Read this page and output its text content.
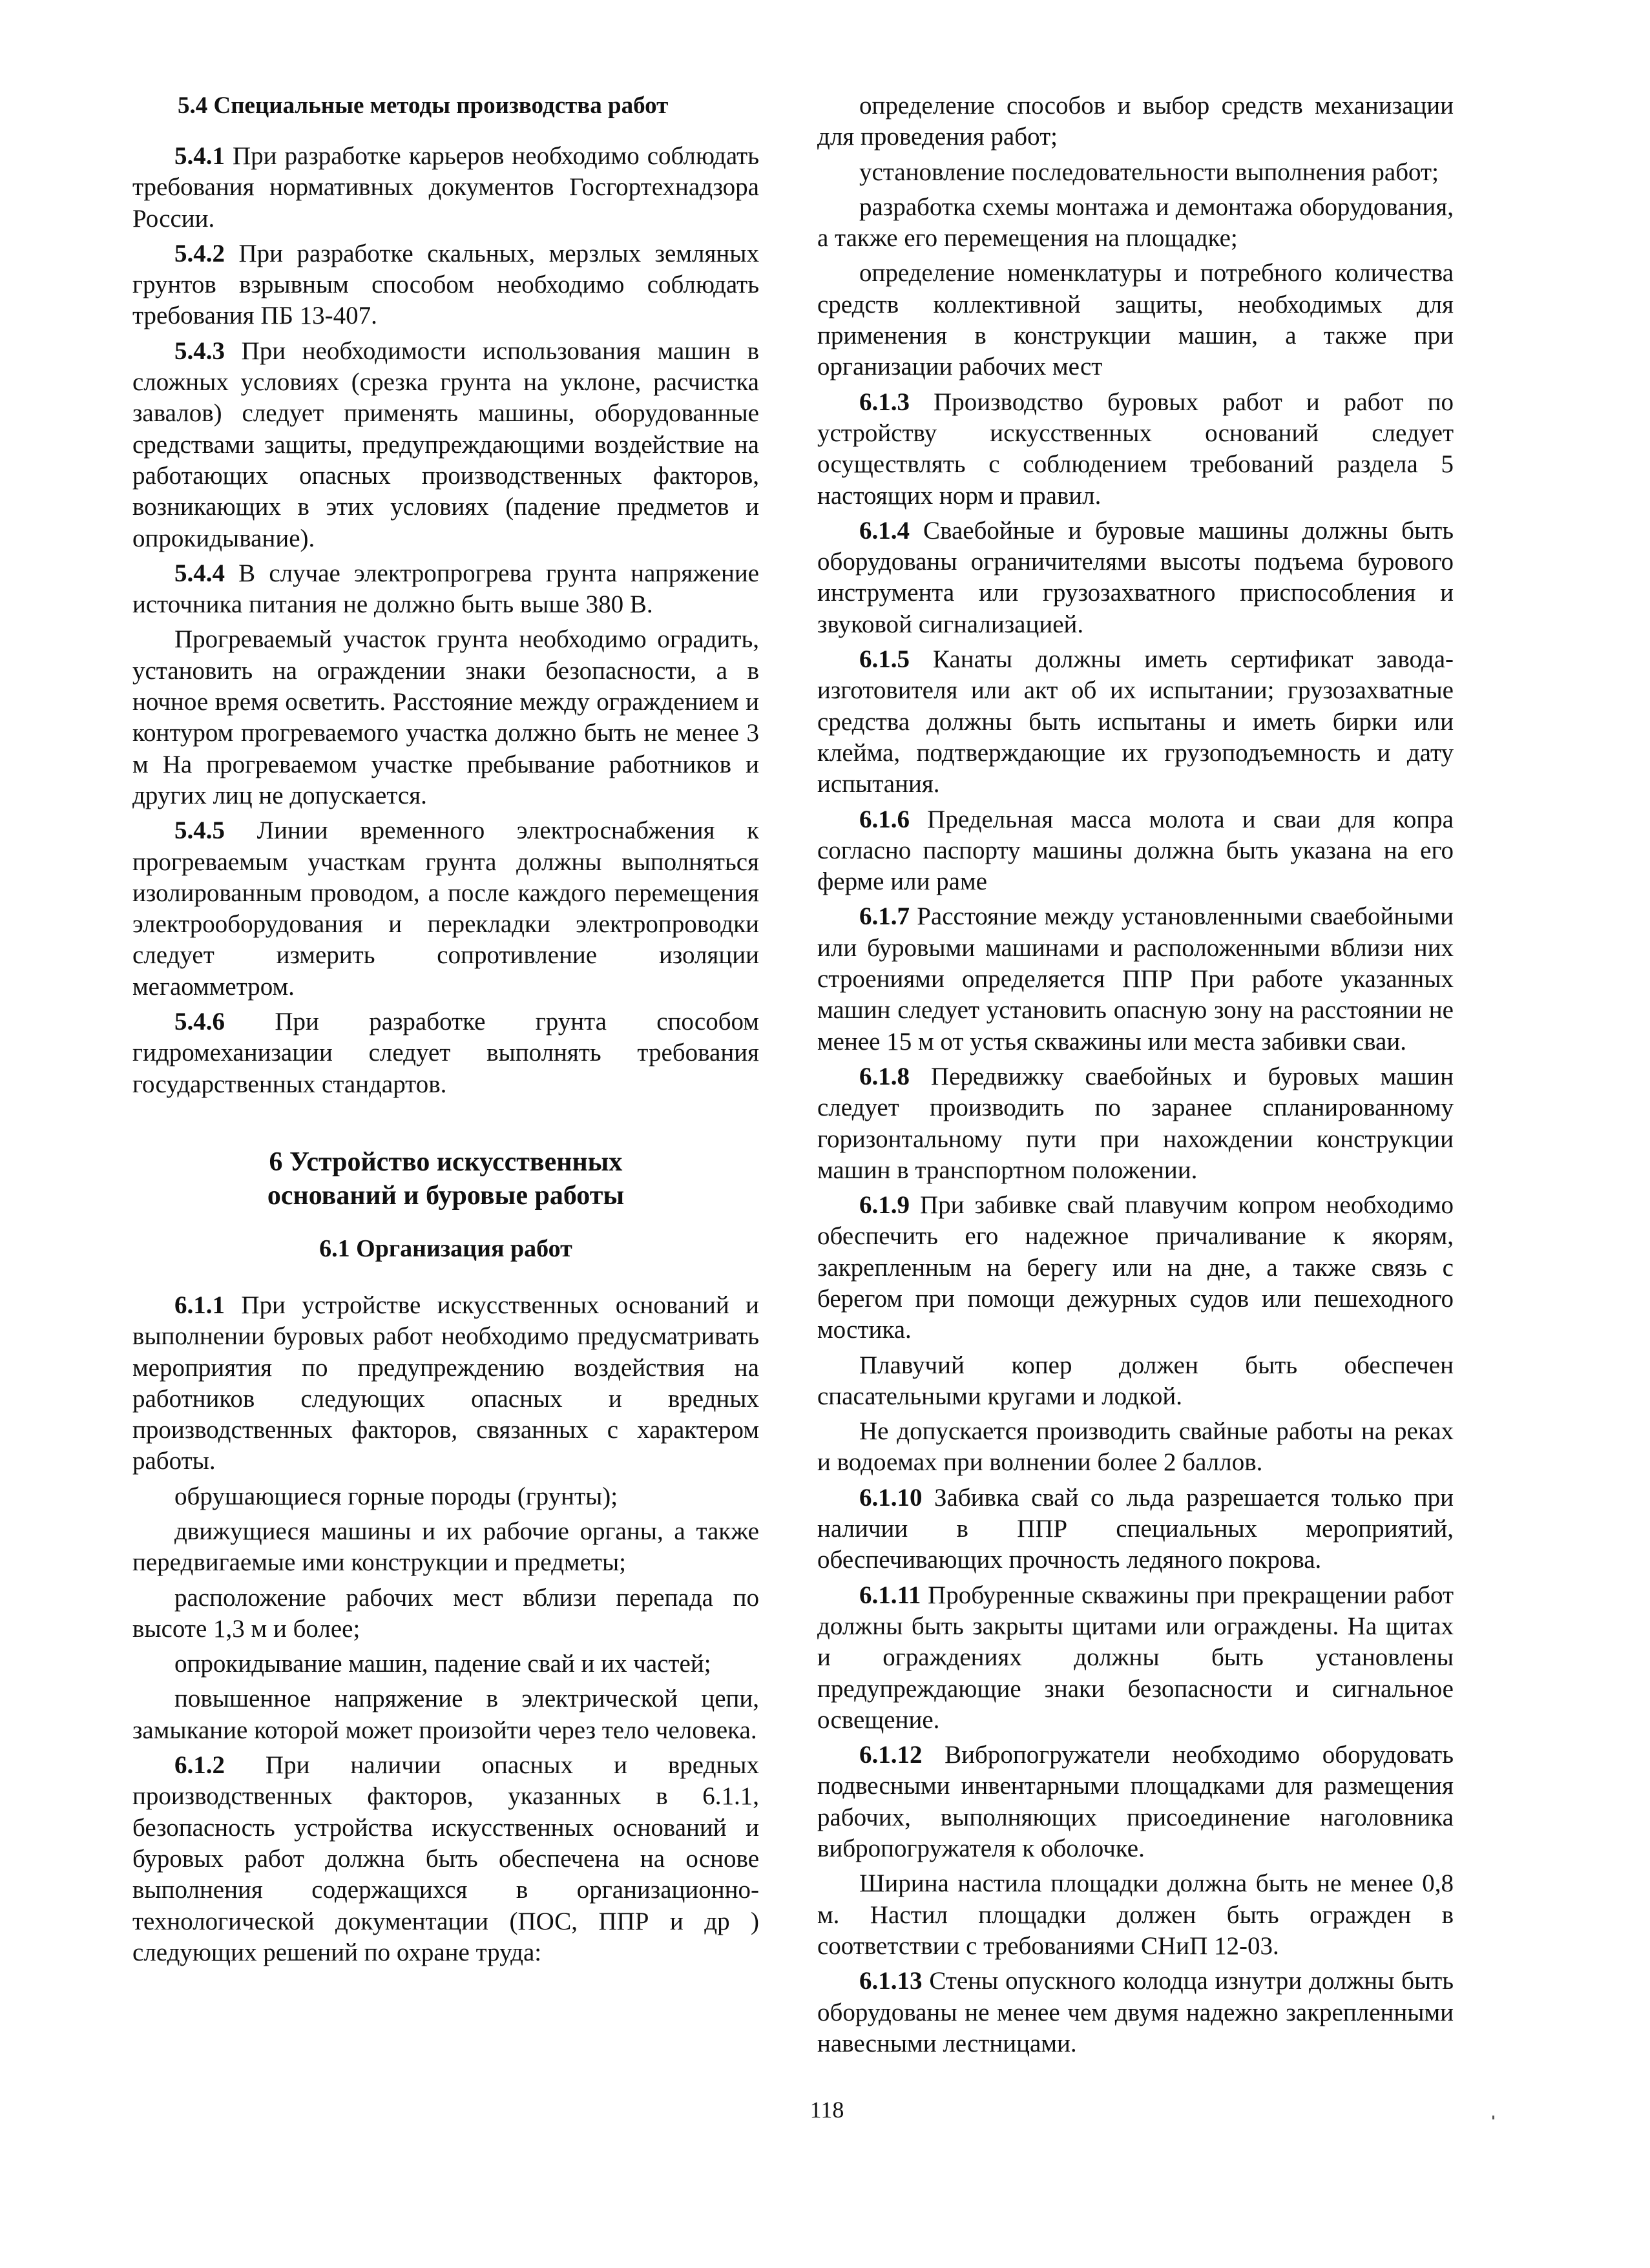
5.4 Специальные методы производства работ
5.4.1 При разработке карьеров необходимо соблюдать требования нормативных документов Госгортехнадзора России.
5.4.2 При разработке скальных, мерзлых земляных грунтов взрывным способом необходимо соблюдать требования ПБ 13-407.
5.4.3 При необходимости использования машин в сложных условиях (срезка грунта на уклоне, расчистка завалов) следует применять машины, оборудованные средствами защиты, предупреждающими воздействие на работающих опасных производственных факторов, возникающих в этих условиях (падение предметов и опрокидывание).
5.4.4 В случае электропрогрева грунта напряжение источника питания не должно быть выше 380 В.
Прогреваемый участок грунта необходимо оградить, установить на ограждении знаки безопасности, а в ночное время осветить. Расстояние между ограждением и контуром прогреваемого участка должно быть не менее 3 м На прогреваемом участке пребывание работников и других лиц не допускается.
5.4.5 Линии временного электроснабжения к прогреваемым участкам грунта должны выполняться изолированным проводом, а после каждого перемещения электрооборудования и перекладки электропроводки следует измерить сопротивление изоляции мегаомметром.
5.4.6 При разработке грунта способом гидромеханизации следует выполнять требования государственных стандартов.
6 Устройство искусственных
оснований и буровые работы
6.1 Организация работ
6.1.1 При устройстве искусственных оснований и выполнении буровых работ необходимо предусматривать мероприятия по предупреждению воздействия на работников следующих опасных и вредных производственных факторов, связанных с характером работы.
обрушающиеся горные породы (грунты);
движущиеся машины и их рабочие органы, а также передвигаемые ими конструкции и предметы;
расположение рабочих мест вблизи перепада по высоте 1,3 м и более;
опрокидывание машин, падение свай и их частей;
повышенное напряжение в электрической цепи, замыкание которой может произойти через тело человека.
6.1.2 При наличии опасных и вредных производственных факторов, указанных в 6.1.1, безопасность устройства искусственных оснований и буровых работ должна быть обеспечена на основе выполнения содержащихся в организационно-технологической документации (ПОС, ППР и др ) следующих решений по охране труда:
определение способов и выбор средств механизации для проведения работ;
установление последовательности выполнения работ;
разработка схемы монтажа и демонтажа оборудования, а также его перемещения на площадке;
определение номенклатуры и потребного количества средств коллективной защиты, необходимых для применения в конструкции машин, а также при организации рабочих мест
6.1.3 Производство буровых работ и работ по устройству искусственных оснований следует осуществлять с соблюдением требований раздела 5 настоящих норм и правил.
6.1.4 Сваебойные и буровые машины должны быть оборудованы ограничителями высоты подъема бурового инструмента или грузозахватного приспособления и звуковой сигнализацией.
6.1.5 Канаты должны иметь сертификат завода-изготовителя или акт об их испытании; грузозахватные средства должны быть испытаны и иметь бирки или клейма, подтверждающие их грузоподъемность и дату испытания.
6.1.6 Предельная масса молота и сваи для копра согласно паспорту машины должна быть указана на его ферме или раме
6.1.7 Расстояние между установленными сваебойными или буровыми машинами и расположенными вблизи них строениями определяется ППР При работе указанных машин следует установить опасную зону на расстоянии не менее 15 м от устья скважины или места забивки сваи.
6.1.8 Передвижку сваебойных и буровых машин следует производить по заранее спланированному горизонтальному пути при нахождении конструкции машин в транспортном положении.
6.1.9 При забивке свай плавучим копром необходимо обеспечить его надежное причаливание к якорям, закрепленным на берегу или на дне, а также связь с берегом при помощи дежурных судов или пешеходного мостика.
Плавучий копер должен быть обеспечен спасательными кругами и лодкой.
Не допускается производить свайные работы на реках и водоемах при волнении более 2 баллов.
6.1.10 Забивка свай со льда разрешается только при наличии в ППР специальных мероприятий, обеспечивающих прочность ледяного покрова.
6.1.11 Пробуренные скважины при прекращении работ должны быть закрыты щитами или ограждены. На щитах и ограждениях должны быть установлены предупреждающие знаки безопасности и сигнальное освещение.
6.1.12 Вибропогружатели необходимо оборудовать подвесными инвентарными площадками для размещения рабочих, выполняющих присоединение наголовника вибропогружателя к оболочке.
Ширина настила площадки должна быть не менее 0,8 м. Настил площадки должен быть огражден в соответствии с требованиями СНиП 12-03.
6.1.13 Стены опускного колодца изнутри должны быть оборудованы не менее чем двумя надежно закрепленными навесными лестницами.
118
